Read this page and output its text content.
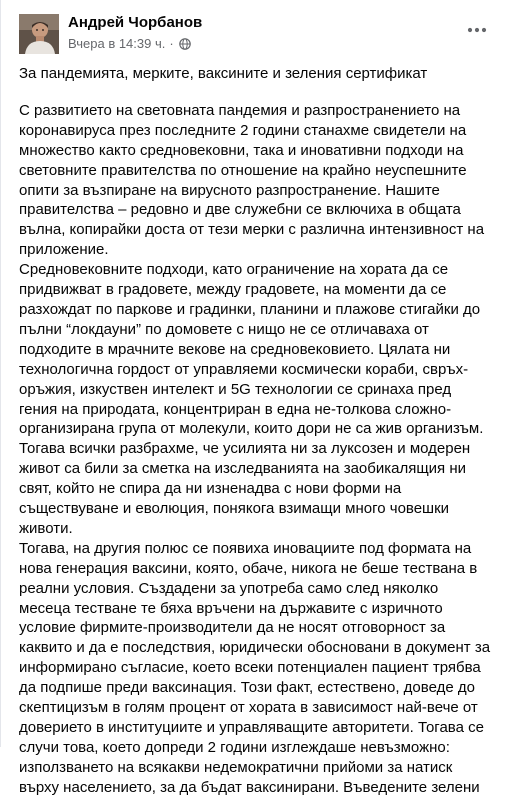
Андрей Чорбанов
Вчера в 14:39 ч. ·

За пандемията, мерките, ваксините и зеления сертификат

С развитието на световната пандемия и разпространението на коронавируса през последните 2 години станахме свидетели на множество както средновековни, така и иновативни подходи на световните правителства по отношение на крайно неуспешните опити за възпиране на вирусното разпространение. Нашите правителства – редовно и две служебни се включиха в общата вълна, копирайки доста от тези мерки с различна интензивност на приложение.

Средновековните подходи, като ограничение на хората да се придвижват в градовете, между градовете, на моменти да се разхождат по парковe и градинки, планини и плажове стигайки до пълни “локдауни” по домовете с нищо не се отличаваха от подходите в мрачните векове на средновековието. Цялата ни технологична гордост от управляеми космически кораби, свръх-оръжия, изкуствен интелект и 5G технологии се сринаха пред гения на природата, концентриран в една не-толкова сложно-организирана група от молекули, които дори не са жив организъм. Тогава всички разбрахме, че усилията ни за луксозен и модерен живот са били за сметка на изследванията на заобикалящия ни свят, който не спира да ни изненадва с нови форми на съществуване и еволюция, понякога взимащи много човешки животи.

Тогава, на другия полюс се появиха иновациите под формата на нова генерация ваксини, която, обаче, никога не беше тествана в реални условия. Създадени за употреба само след няколко месеца тестване те бяха връчени на държавите с изричното условие фирмите-производители да не носят отговорност за каквито и да е последствия, юридически обосновани в документ за информирано съгласие, което всеки потенциален пациент трябва да подпише преди ваксинация. Този факт, естествено, доведе до скептицизъм в голям процент от хората в зависимост най-вече от доверието в институциите и управляващите авторитети. Тогава се случи това, което допреди 2 години изглеждаше невъзможно: използването на всякакви недемократични прийоми за натиск върху населението, за да бъдат ваксинирани. Въведените зелени
